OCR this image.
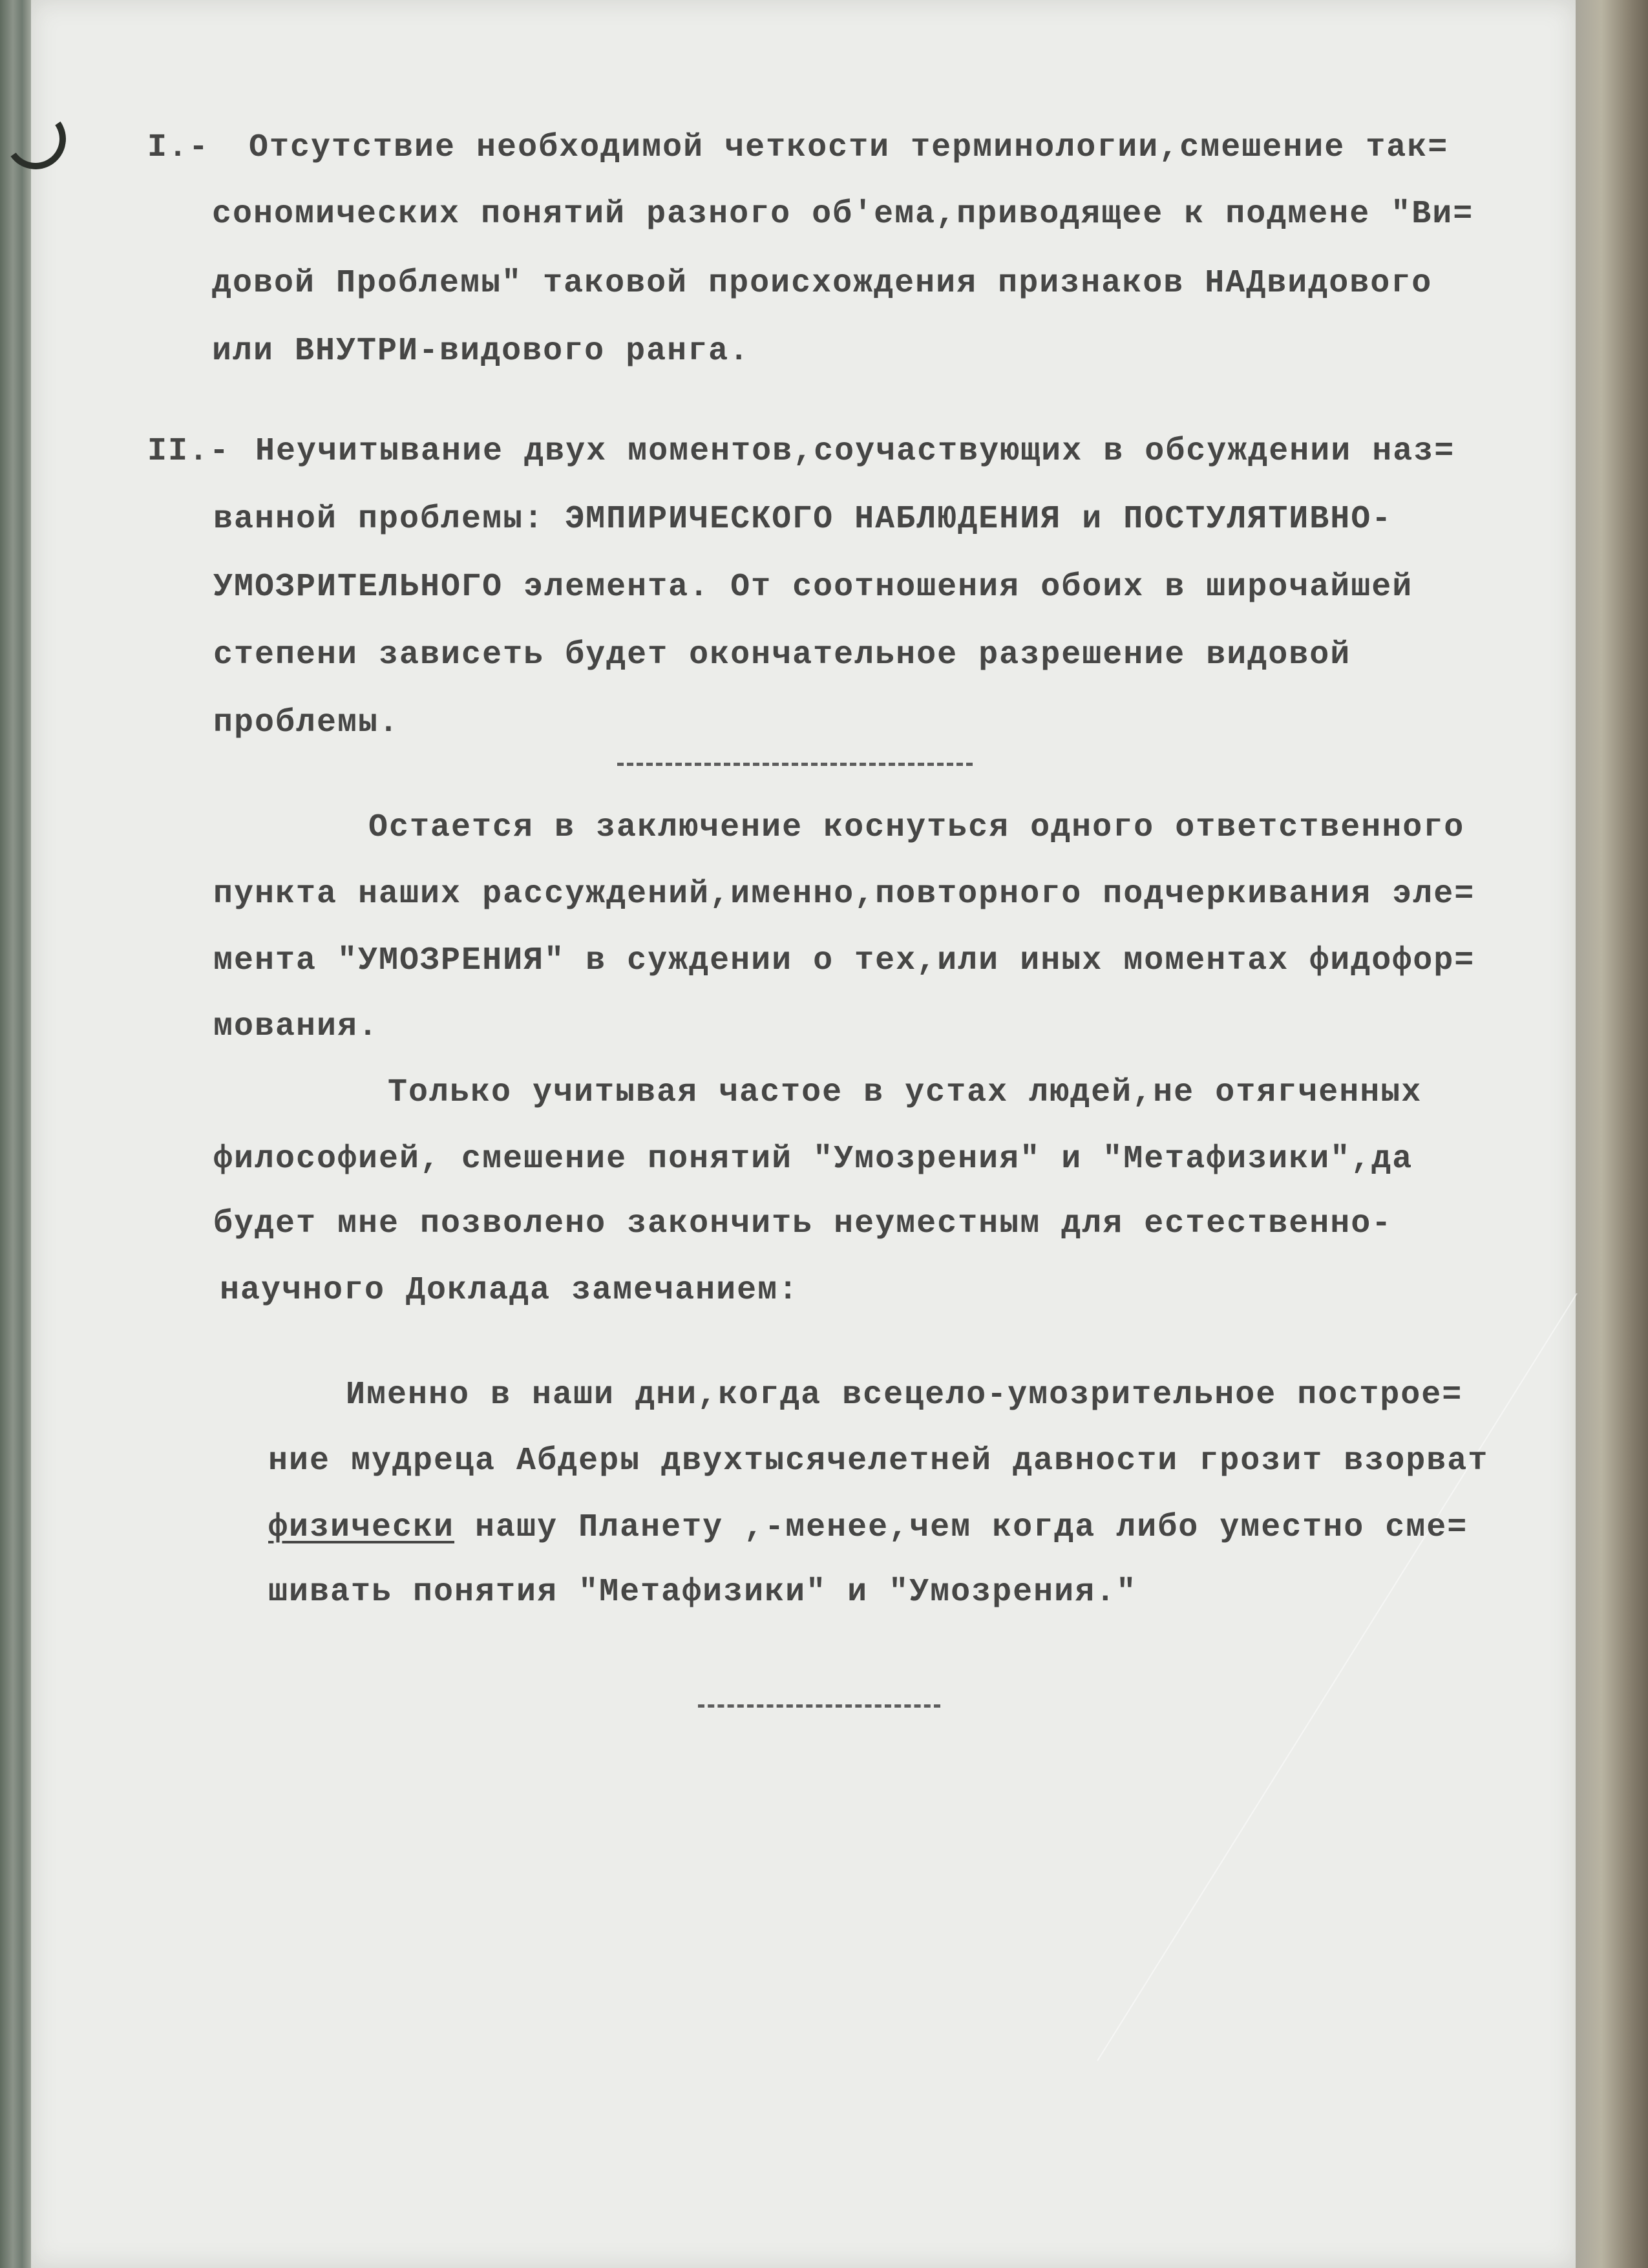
I.- Отсутствие необходимой четкости терминологии,смешение так=
сономических понятий разного об'ема,приводящее к подмене "Ви=
довой Проблемы" таковой происхождения признаков НАДвидового
или ВНУТРИ-видового ранга.
II.- Неучитывание двух моментов,соучаствующих в обсуждении наз=
ванной проблемы: ЭМПИРИЧЕСКОГО НАБЛЮДЕНИЯ и ПОСТУЛЯТИВНО-
УМОЗРИТЕЛЬНОГО элемента. От соотношения обоих в широчайшей
степени зависеть будет окончательное разрешение видовой
проблемы.
Остается в заключение коснуться одного ответственного
пункта наших рассуждений,именно,повторного подчеркивания эле=
мента "УМОЗРЕНИЯ" в суждении о тех,или иных моментах фидофор=
мования.
Только учитывая частое в устах людей,не отягченных
философией, смешение понятий "Умозрения" и "Метафизики",да
будет мне позволено закончить неуместным для естественно-
научного Доклада замечанием:
Именно в наши дни,когда всецело-умозрительное построе=
ние мудреца Абдеры двухтысячелетней давности грозит взорват
физически нашу Планету ,-менее,чем когда либо уместно сме=
шивать понятия "Метафизики" и "Умозрения."
